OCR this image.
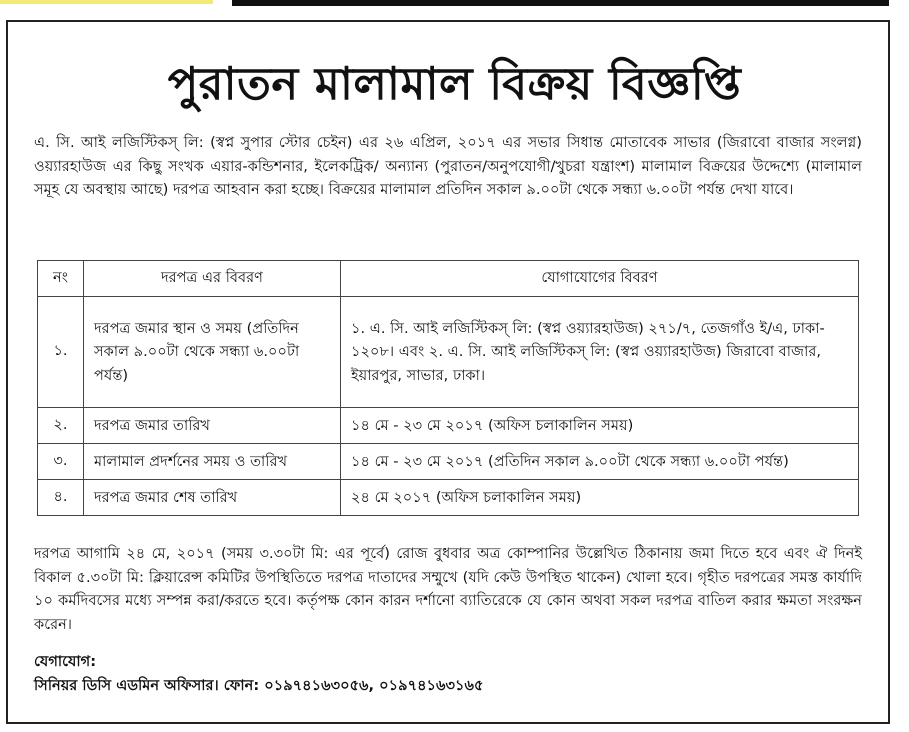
পুরাতন মালামাল বিক্রয় বিজ্ঞপ্তি
এ. সি. আই লজিস্টিকস্ লি: (স্বপ্ন সুপার স্টোর চেইন) এর ২৬ এপ্রিল, ২০১৭ এর সভার সিধান্ত মোতাবেক সাভার (জিরাবো বাজার সংলগ্ন) ওয়্যারহাউজ এর কিছু সংখক এয়ার-কন্ডিশনার, ইলেকট্রিক/ অন্যান্য (পুরাতন/অনুপযোগী/খুচরা যন্ত্রাংশ) মালামাল বিক্রয়ের উদ্দেশ্যে (মালামাল সমূহ যে অবস্থায় আছে) দরপত্র আহবান করা হচ্ছে। বিক্রয়ের মালামাল প্রতিদিন সকাল ৯.০০টা থেকে সন্ধ্যা ৬.০০টা পর্যন্ত দেখা যাবে।
নং	দরপত্র এর বিবরণ	যোগাযোগের বিবরণ
১.	দরপত্র জমার স্থান ও সময় (প্রতিদিন সকাল ৯.০০টা থেকে সন্ধ্যা ৬.০০টা পর্যন্ত)	১. এ. সি. আই লজিস্টিকস্ লি: (স্বপ্ন ওয়্যারহাউজ) ২৭১/৭, তেজগাঁও ই/এ, ঢাকা- ১২০৮। এবং ২. এ. সি. আই লজিস্টিকস্ লি: (স্বপ্ন ওয়্যারহাউজ) জিরাবো বাজার, ইয়ারপুর, সাভার, ঢাকা।
২.	দরপত্র জমার তারিখ	১৪ মে - ২৩ মে ২০১৭ (অফিস চলাকালিন সময়)
৩.	মালামাল প্রদর্শনের সময় ও তারিখ	১৪ মে - ২৩ মে ২০১৭ (প্রতিদিন সকাল ৯.০০টা থেকে সন্ধ্যা ৬.০০টা পর্যন্ত)
৪.	দরপত্র জমার শেষ তারিখ	২৪ মে ২০১৭ (অফিস চলাকালিন সময়)
দরপত্র আগামি ২৪ মে, ২০১৭ (সময় ৩.৩০টা মি: এর পূর্বে) রোজ বুধবার অত্র কোম্পানির উল্লেখিত ঠিকানায় জমা দিতে হবে এবং ঐ দিনই বিকাল ৫.৩০টা মি: ক্লিয়ারেন্স কমিটির উপস্থিতিতে দরপত্র দাতাদের সম্মুখে (যদি কেউ উপস্থিত থাকেন) খোলা হবে। গৃহীত দরপত্রের সমস্ত কার্যাদি ১০ কর্মদিবসের মধ্যে সম্পন্ন করা/করতে হবে। কর্তৃপক্ষ কোন কারন দর্শানো ব্যাতিরেকে যে কোন অথবা সকল দরপত্র বাতিল করার ক্ষমতা সংরক্ষন করেন।
যেগাযোগ:
সিনিয়র ডিসি এডমিন অফিসার। ফোন: ০১৯৭৪১৬৩০৫৬, ০১৯৭৪১৬৩১৬৫
